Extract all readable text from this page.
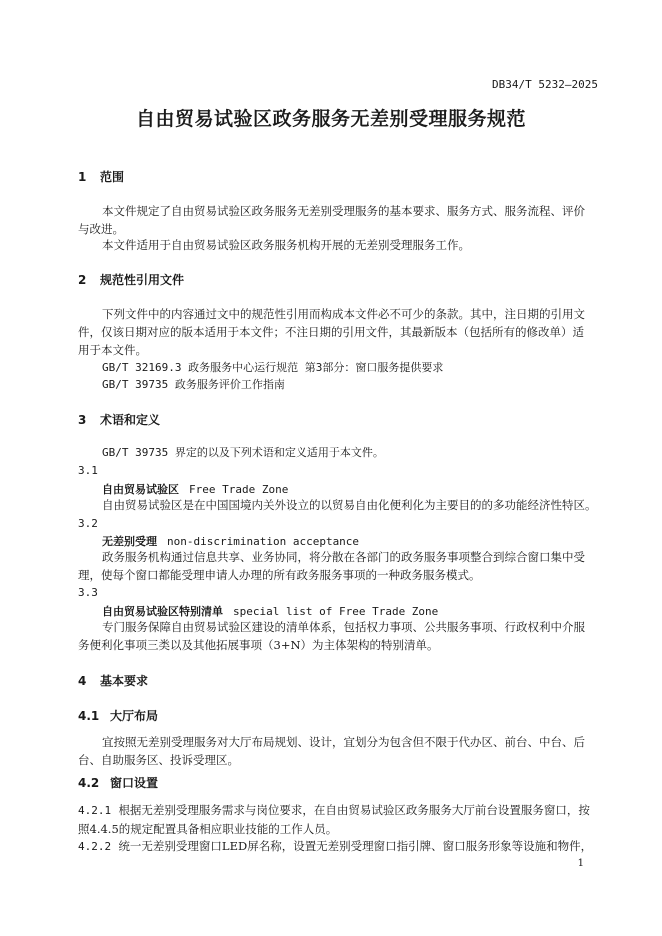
DB34/T 5232—2025
自由贸易试验区政务服务无差别受理服务规范
1 范围
本文件规定了自由贸易试验区政务服务无差别受理服务的基本要求、服务方式、服务流程、评价与改进。
本文件适用于自由贸易试验区政务服务机构开展的无差别受理服务工作。
2 规范性引用文件
下列文件中的内容通过文中的规范性引用而构成本文件必不可少的条款。其中，注日期的引用文件，仅该日期对应的版本适用于本文件；不注日期的引用文件，其最新版本（包括所有的修改单）适用于本文件。
GB/T 32169.3 政务服务中心运行规范 第3部分：窗口服务提供要求
GB/T 39735 政务服务评价工作指南
3 术语和定义
GB/T 39735 界定的以及下列术语和定义适用于本文件。
3.1
自由贸易试验区 Free Trade Zone
自由贸易试验区是在中国国境内关外设立的以贸易自由化便利化为主要目的的多功能经济性特区。
3.2
无差别受理 non-discrimination acceptance
政务服务机构通过信息共享、业务协同，将分散在各部门的政务服务事项整合到综合窗口集中受理，使每个窗口都能受理申请人办理的所有政务服务事项的一种政务服务模式。
3.3
自由贸易试验区特别清单 special list of Free Trade Zone
专门服务保障自由贸易试验区建设的清单体系，包括权力事项、公共服务事项、行政权利中介服务便利化事项三类以及其他拓展事项（3+N）为主体架构的特别清单。
4 基本要求
4.1 大厅布局
宜按照无差别受理服务对大厅布局规划、设计，宜划分为包含但不限于代办区、前台、中台、后台、自助服务区、投诉受理区。
4.2 窗口设置
4.2.1 根据无差别受理服务需求与岗位要求，在自由贸易试验区政务服务大厅前台设置服务窗口，按照4.4.5的规定配置具备相应职业技能的工作人员。
4.2.2 统一无差别受理窗口LED屏名称，设置无差别受理窗口指引牌、窗口服务形象等设施和物件，
1
